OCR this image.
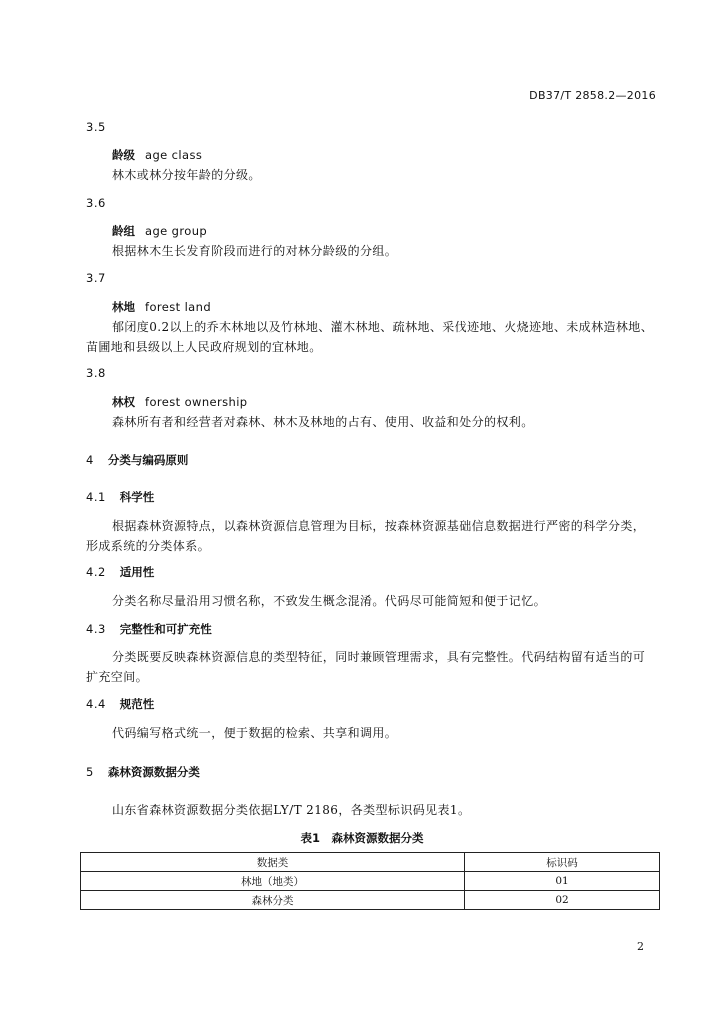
DB37/T 2858.2—2016
3.5
龄级 age class
林木或林分按年龄的分级。
3.6
龄组 age group
根据林木生长发育阶段而进行的对林分龄级的分组。
3.7
林地 forest land
郁闭度0.2以上的乔木林地以及竹林地、灌木林地、疏林地、采伐迹地、火烧迹地、未成林造林地、
苗圃地和县级以上人民政府规划的宜林地。
3.8
林权 forest ownership
森林所有者和经营者对森林、林木及林地的占有、使用、收益和处分的权利。
4 分类与编码原则
4.1 科学性
根据森林资源特点，以森林资源信息管理为目标，按森林资源基础信息数据进行严密的科学分类，
形成系统的分类体系。
4.2 适用性
分类名称尽量沿用习惯名称，不致发生概念混淆。代码尽可能简短和便于记忆。
4.3 完整性和可扩充性
分类既要反映森林资源信息的类型特征，同时兼顾管理需求，具有完整性。代码结构留有适当的可
扩充空间。
4.4 规范性
代码编写格式统一，便于数据的检索、共享和调用。
5 森林资源数据分类
山东省森林资源数据分类依据LY/T 2186，各类型标识码见表1。
表1　森林资源数据分类
数据类	标识码
林地（地类）	01
森林分类	02
2
